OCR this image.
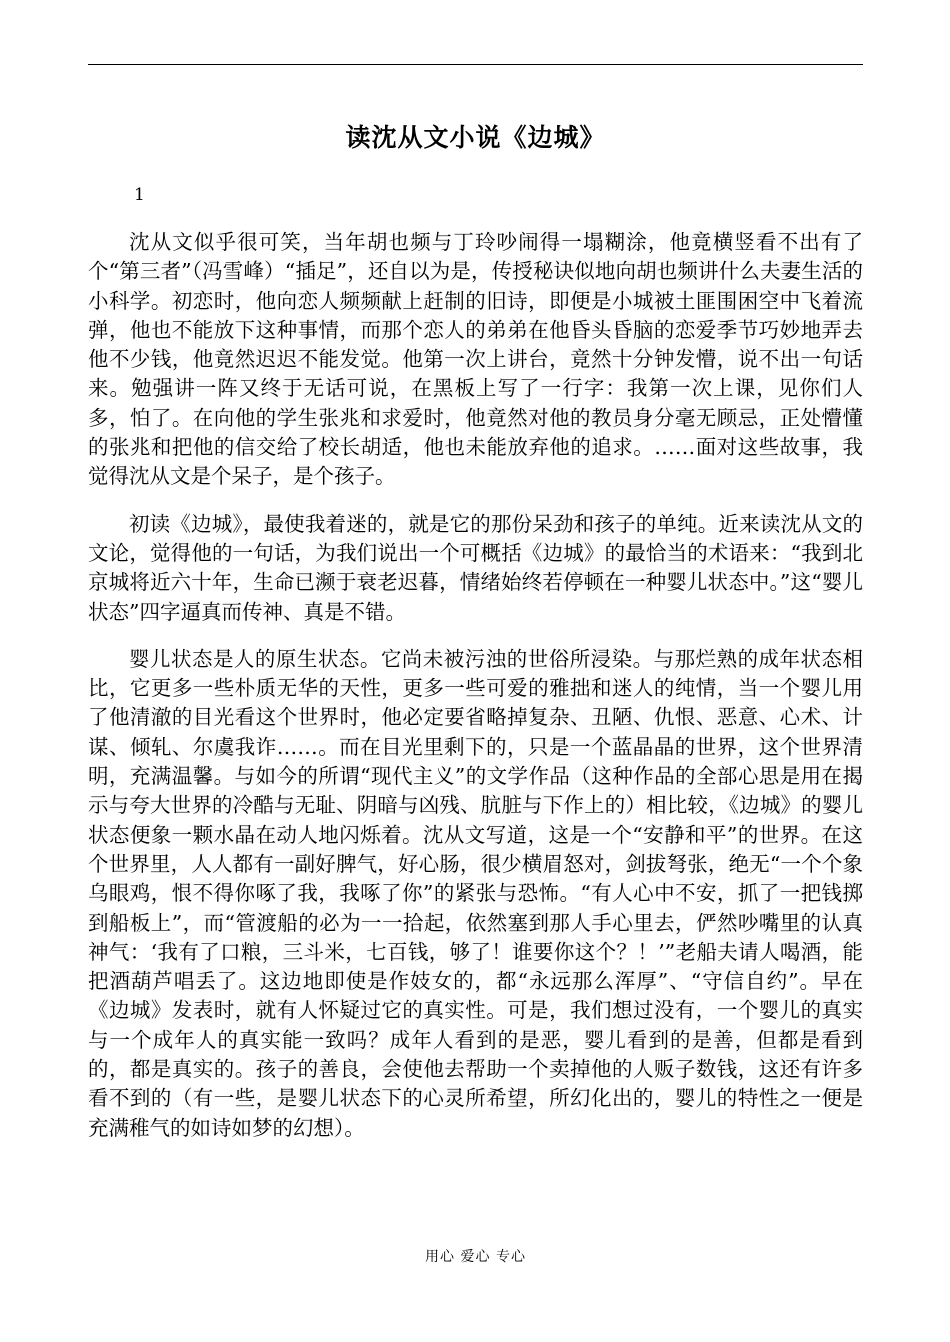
读沈从文小说《边城》
1

沈从文似乎很可笑，当年胡也频与丁玲吵闹得一塌糊涂，他竟横竖看不出有了个“第三者”（冯雪峰）“插足”，还自以为是，传授秘诀似地向胡也频讲什么夫妻生活的小科学。初恋时，他向恋人频频献上赶制的旧诗，即便是小城被土匪围困空中飞着流弹，他也不能放下这种事情，而那个恋人的弟弟在他昏头昏脑的恋爱季节巧妙地弄去他不少钱，他竟然迟迟不能发觉。他第一次上讲台，竟然十分钟发懵，说不出一句话来。勉强讲一阵又终于无话可说，在黑板上写了一行字：我第一次上课，见你们人多，怕了。在向他的学生张兆和求爱时，他竟然对他的教员身分毫无顾忌，正处懵懂的张兆和把他的信交给了校长胡适，他也未能放弃他的追求。……面对这些故事，我觉得沈从文是个呆子，是个孩子。

初读《边城》，最使我着迷的，就是它的那份呆劲和孩子的单纯。近来读沈从文的文论，觉得他的一句话，为我们说出一个可概括《边城》的最恰当的术语来：“我到北京城将近六十年，生命已濒于衰老迟暮，情绪始终若停顿在一种婴儿状态中。”这“婴儿状态”四字逼真而传神、真是不错。

婴儿状态是人的原生状态。它尚未被污浊的世俗所浸染。与那烂熟的成年状态相比，它更多一些朴质无华的天性，更多一些可爱的雅拙和迷人的纯情，当一个婴儿用了他清澈的目光看这个世界时，他必定要省略掉复杂、丑陋、仇恨、恶意、心术、计谋、倾轧、尔虞我诈……。而在目光里剩下的，只是一个蓝晶晶的世界，这个世界清明，充满温馨。与如今的所谓“现代主义”的文学作品（这种作品的全部心思是用在揭示与夸大世界的冷酷与无耻、阴暗与凶残、肮脏与下作上的）相比较，《边城》的婴儿状态便象一颗水晶在动人地闪烁着。沈从文写道，这是一个“安静和平”的世界。在这个世界里，人人都有一副好脾气，好心肠，很少横眉怒对，剑拔弩张，绝无“一个个象乌眼鸡，恨不得你啄了我，我啄了你”的紧张与恐怖。“有人心中不安，抓了一把钱掷到船板上”，而“管渡船的必为一一拾起，依然塞到那人手心里去，俨然吵嘴里的认真神气：‘我有了口粮，三斗米，七百钱，够了！谁要你这个？！’”老船夫请人喝酒，能把酒葫芦唱丢了。这边地即使是作妓女的，都“永远那么浑厚”、“守信自约”。早在《边城》发表时，就有人怀疑过它的真实性。可是，我们想过没有，一个婴儿的真实与一个成年人的真实能一致吗？成年人看到的是恶，婴儿看到的是善，但都是看到的，都是真实的。孩子的善良，会使他去帮助一个卖掉他的人贩子数钱，这还有许多看不到的（有一些，是婴儿状态下的心灵所希望，所幻化出的，婴儿的特性之一便是充满稚气的如诗如梦的幻想）。

用心 爱心 专心
